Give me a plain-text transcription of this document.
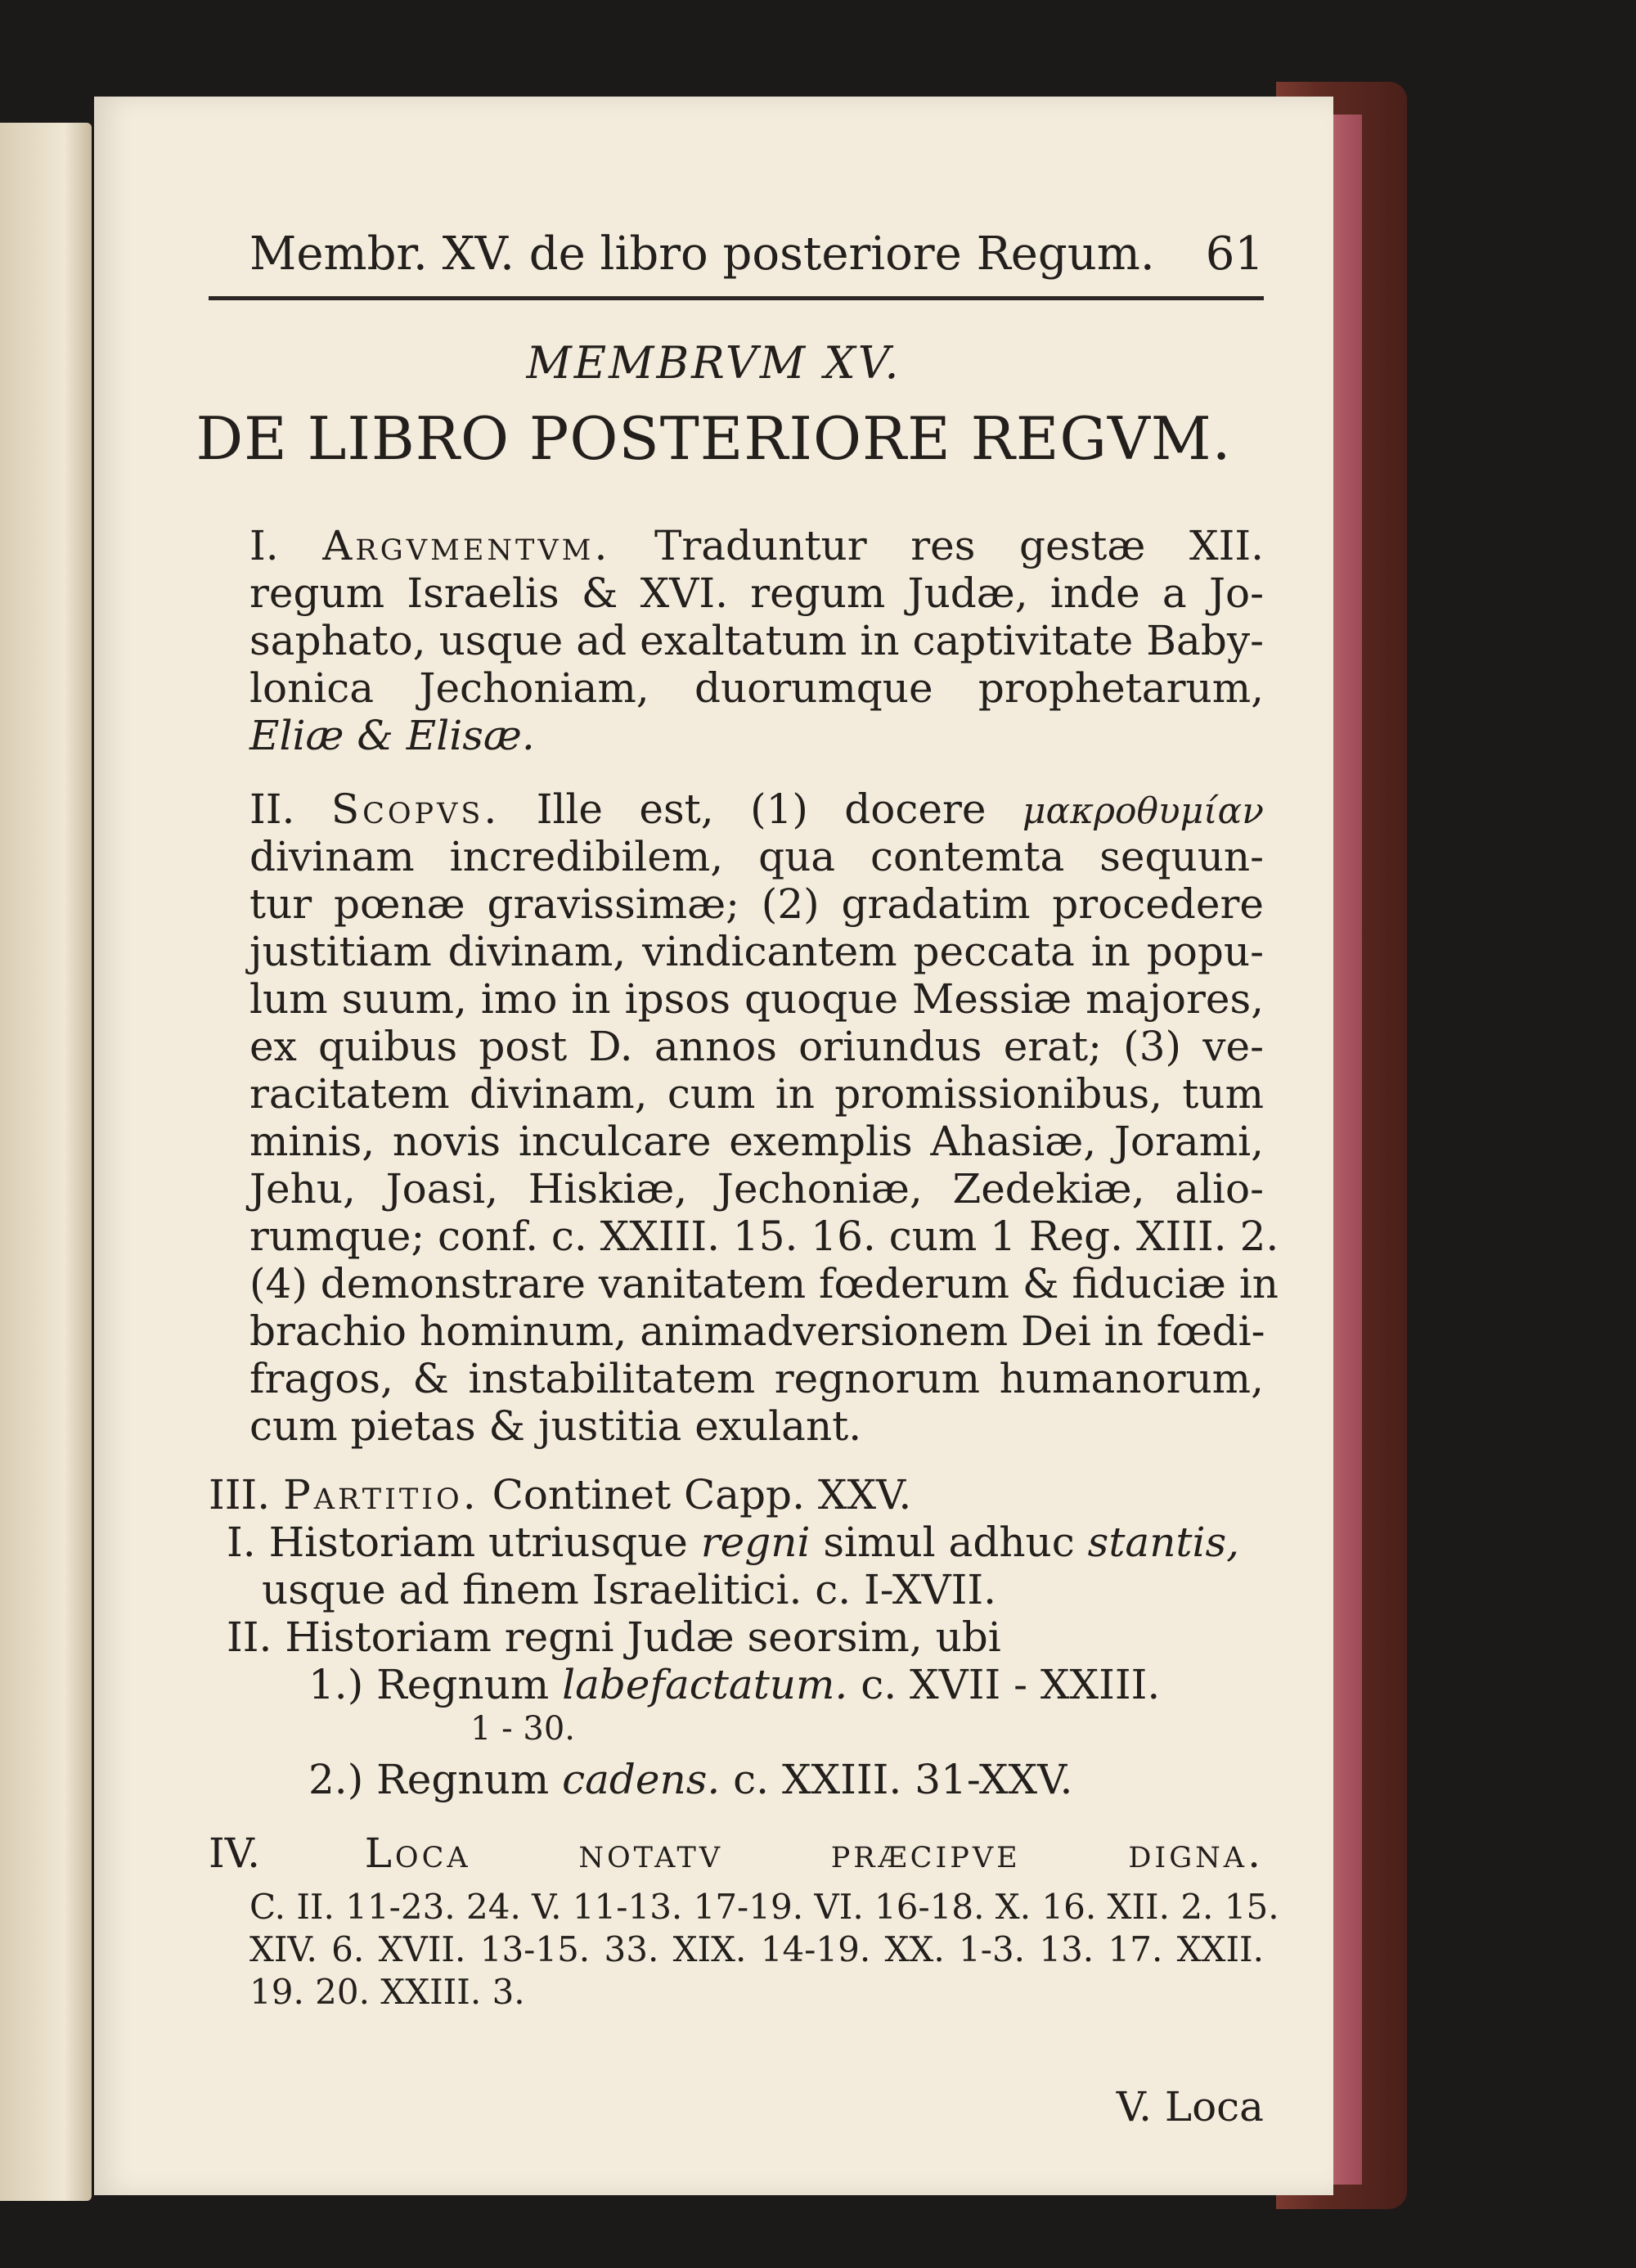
Membr. XV. de libro posteriore Regum. 61
MEMBRVM XV.
DE LIBRO POSTERIORE REGVM.
I. Argvmentvm. Traduntur res gestæ XII.
regum Israelis & XVI. regum Judæ, inde a Jo-
saphato, usque ad exaltatum in captivitate Baby-
lonica Jechoniam, duorumque prophetarum,
Eliæ & Elisæ.
II. Scopvs. Ille est, (1) docere μακροθυμίαν
divinam incredibilem, qua contemta sequun-
tur pœnæ gravissimæ; (2) gradatim procedere
justitiam divinam, vindicantem peccata in popu-
lum suum, imo in ipsos quoque Messiæ majores,
ex quibus post D. annos oriundus erat; (3) ve-
racitatem divinam, cum in promissionibus, tum
minis, novis inculcare exemplis Ahasiæ, Jorami,
Jehu, Joasi, Hiskiæ, Jechoniæ, Zedekiæ, alio-
rumque; conf. c. XXIII. 15. 16. cum 1 Reg. XIII. 2.
(4) demonstrare vanitatem fœderum & fiduciæ in
brachio hominum, animadversionem Dei in fœdi-
fragos, & instabilitatem regnorum humanorum,
cum pietas & justitia exulant.
III. Partitio. Continet Capp. XXV.
I. Historiam utriusque regni simul adhuc stantis,
usque ad finem Israelitici. c. I-XVII.
II. Historiam regni Judæ seorsim, ubi
1.) Regnum labefactatum. c. XVII - XXIII.
1 - 30.
2.) Regnum cadens. c. XXIII. 31-XXV.
IV.	Loca notatv præcipve digna.
C. II. 11-23. 24. V. 11-13. 17-19. VI. 16-18. X. 16. XII. 2. 15.
XIV. 6. XVII. 13-15. 33. XIX. 14-19. XX. 1-3. 13. 17. XXII.
19. 20. XXIII. 3.
V. Loca
